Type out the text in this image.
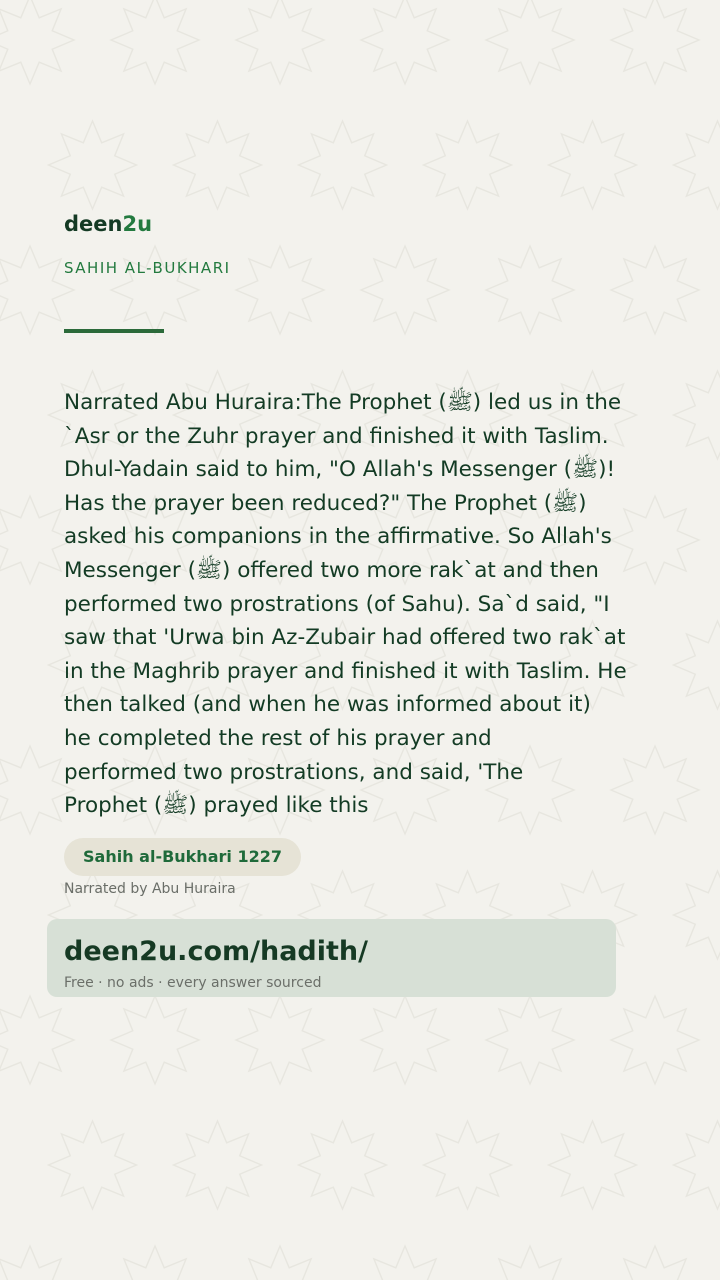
deen2u
SAHIH AL-BUKHARI

Narrated Abu Huraira:The Prophet (ﷺ) led us in the
`Asr or the Zuhr prayer and finished it with Taslim.
Dhul-Yadain said to him, "O Allah's Messenger (ﷺ)!
Has the prayer been reduced?" The Prophet (ﷺ)
asked his companions in the affirmative. So Allah's
Messenger (ﷺ) offered two more rak`at and then
performed two prostrations (of Sahu). Sa`d said, "I
saw that 'Urwa bin Az-Zubair had offered two rak`at
in the Maghrib prayer and finished it with Taslim. He
then talked (and when he was informed about it)
he completed the rest of his prayer and
performed two prostrations, and said, 'The
Prophet (ﷺ) prayed like this

Sahih al-Bukhari 1227
Narrated by Abu Huraira
deen2u.com/hadith/
Free · no ads · every answer sourced
